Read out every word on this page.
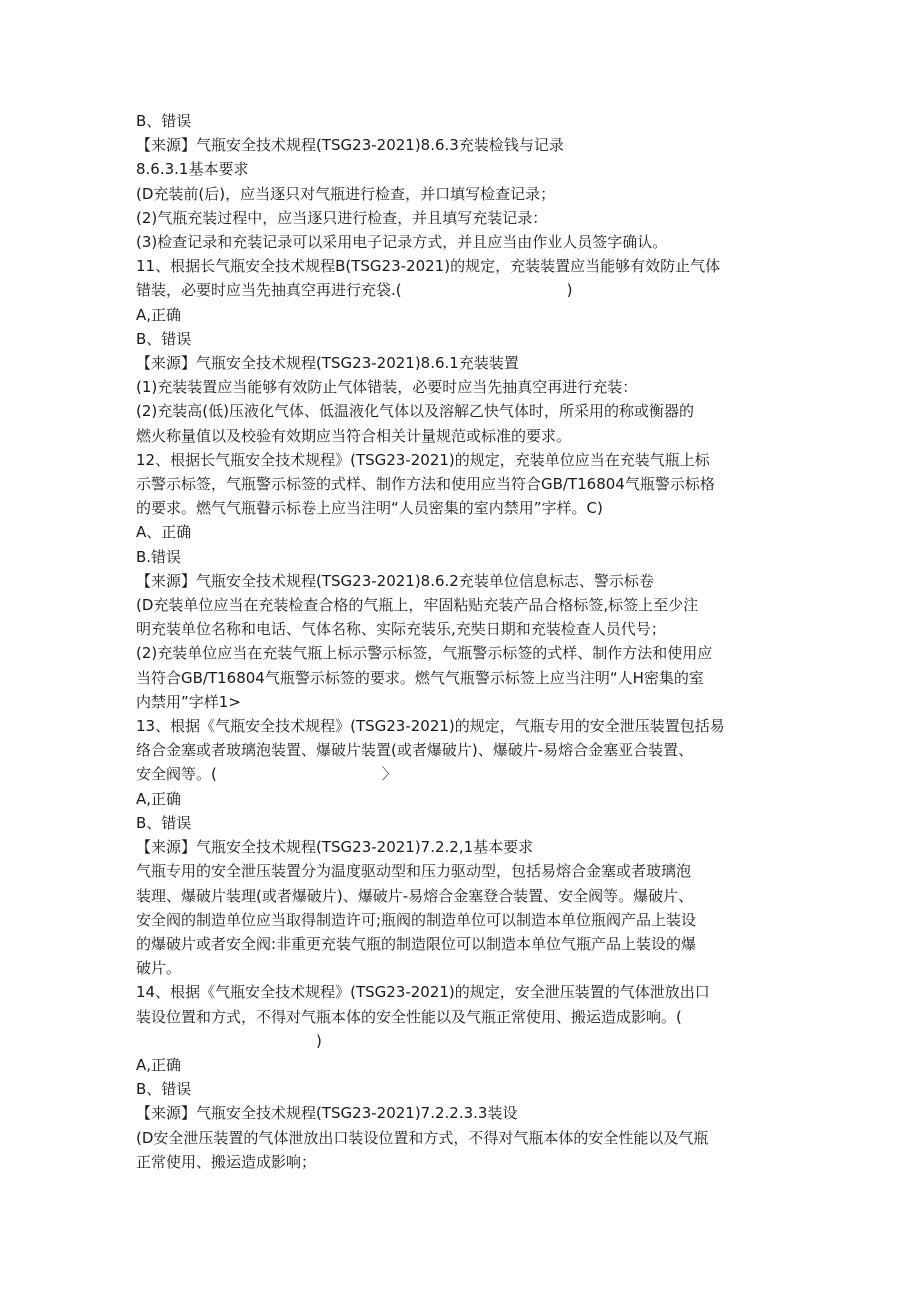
B、错误

【来源】气瓶安全技术规程(TSG23-2021)8.6.3充装检钱与记录

8.6.3.1基本要求

(D充装前(后)，应当逐只对气瓶进行检查，并口填写检查记录；

(2)气瓶充装过程中，应当逐只进行检查，并且填写充装记录：

(3)检查记录和充装记录可以采用电子记录方式，并且应当由作业人员签字确认。

11、根据长气瓶安全技术规程B(TSG23-2021)的规定，充装装置应当能够有效防止气体

错装，必要时应当先抽真空再进行充袋.(　　　　　　　　　　　)

A,正确

B、错误

【来源】气瓶安全技术规程(TSG23-2021)8.6.1充装装置

(1)充装装置应当能够有效防止气体错装，必要时应当先抽真空再进行充装：

(2)充装高(低)压液化气体、低温液化气体以及溶解乙快气体时，所采用的称或衡器的

燃火称量值以及校验有效期应当符合相关计量规范或标准的要求。

12、根据长气瓶安全技术规程》(TSG23-2021)的规定，充装单位应当在充装气瓶上标

示警示标签，气瓶警示标签的式样、制作方法和使用应当符合GB/T16804气瓶警示标格

的要求。燃气气瓶瞽示标卷上应当注明“人员密集的室内禁用”字样。C)

A、正确

B.错误

【来源】气瓶安全技术规程(TSG23-2021)8.6.2充装单位信息标志、警示标卷

(D充装单位应当在充装检查合格的气瓶上，牢固粘贴充装产品合格标签,标签上至少注

明充装单位名称和电话、气体名称、实际充装乐,充奘日期和充装检查人员代号；

(2)充装单位应当在充装气瓶上标示警示标签，气瓶警示标签的式样、制作方法和使用应

当符合GB/T16804气瓶警示标签的要求。燃气气瓶警示标签上应当注明“人H密集的室

内禁用”字样1>

13、根据《气瓶安全技术规程》(TSG23-2021)的规定，气瓶专用的安全泄压装置包括易

络合金塞或者玻璃泡装置、爆破片装置(或者爆破片)、爆破片-易熔合金塞亚合装置、

安全阀等。(　　　　　　　　　　　〉

A,正确

B、错误

【来源】气瓶安全技术规程(TSG23-2021)7.2.2,1基本要求

气瓶专用的安全泄压装置分为温度驱动型和压力驱动型，包括易熔合金塞或者玻璃泡

装理、爆破片装理(或者爆破片)、爆破片-易熔合金塞登合装置、安全阀等。爆破片、

安全阀的制造单位应当取得制造许可;瓶阀的制造单位可以制造本单位瓶阀产品上装设

的爆破片或者安全阀:非重更充装气瓶的制造限位可以制造本单位气瓶产品上装设的爆

破片。

14、根据《气瓶安全技术规程》(TSG23-2021)的规定，安全泄压装置的气体泄放出口

装设位置和方式，不得对气瓶本体的安全性能以及气瓶正常使用、搬运造成影响。(

　　　　　　　　　　　　)

A,正确

B、错误

【来源】气瓶安全技术规程(TSG23-2021)7.2.2.3.3装设

(D安全泄压装置的气体泄放出口装设位置和方式，不得对气瓶本体的安全性能以及气瓶

正常使用、搬运造成影响；
